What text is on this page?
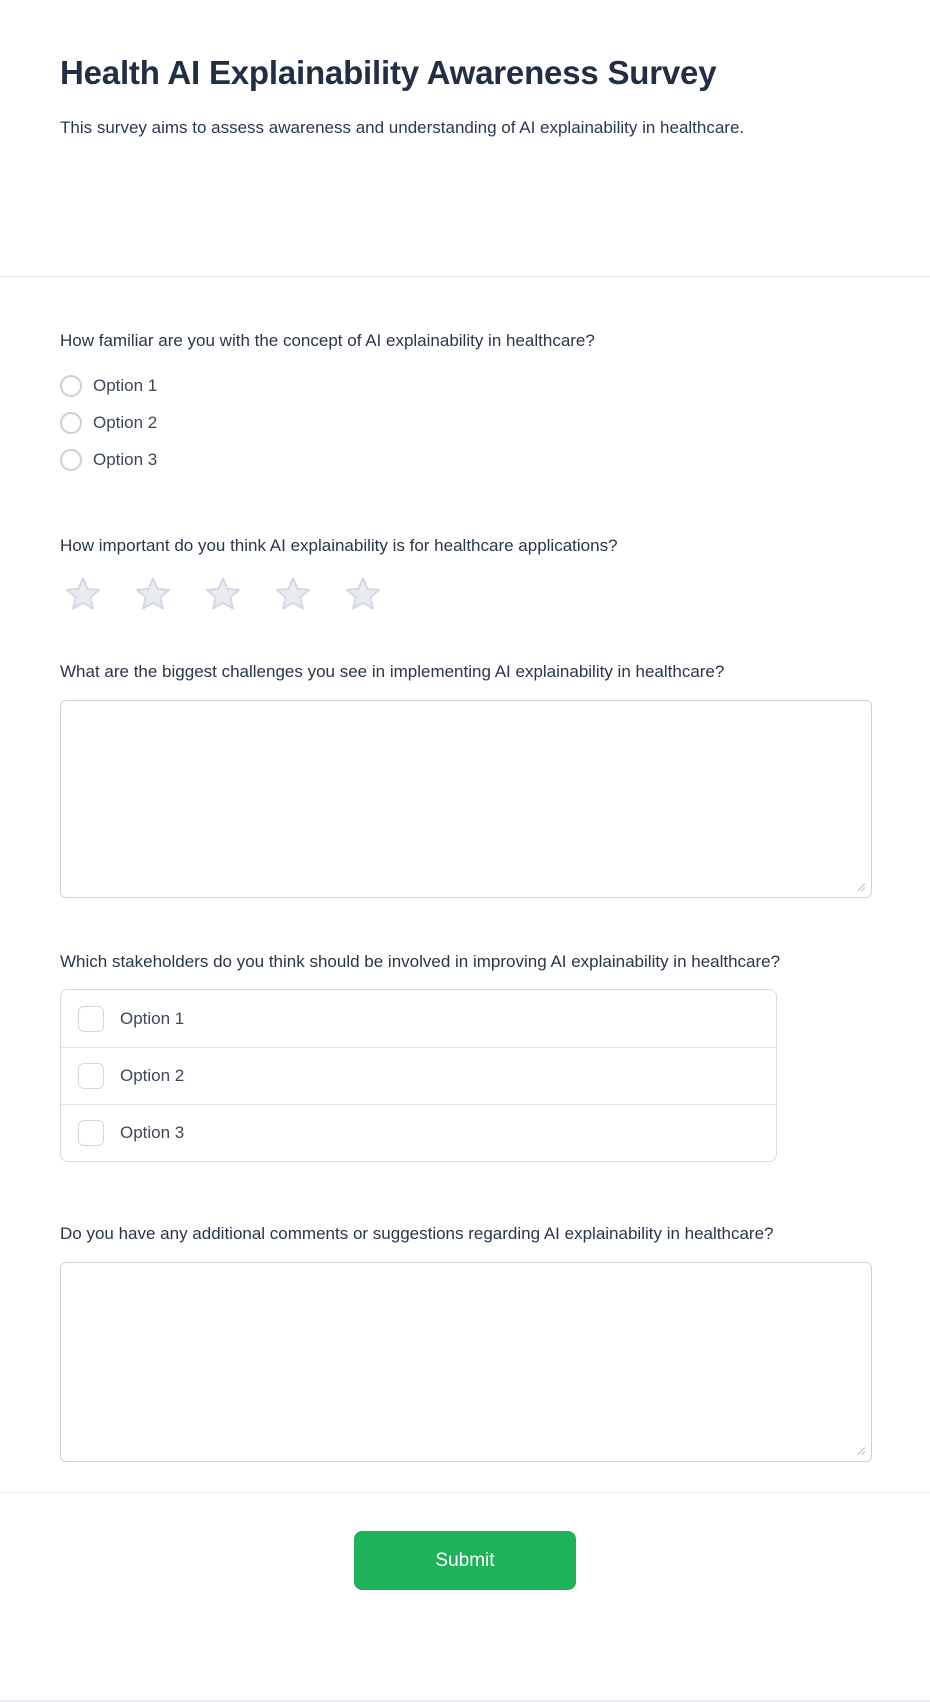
Health AI Explainability Awareness Survey

This survey aims to assess awareness and understanding of AI explainability in healthcare.

How familiar are you with the concept of AI explainability in healthcare?
Option 1
Option 2
Option 3
How important do you think AI explainability is for healthcare applications?
What are the biggest challenges you see in implementing AI explainability in healthcare?
Which stakeholders do you think should be involved in improving AI explainability in healthcare?
Option 1
Option 2
Option 3
Do you have any additional comments or suggestions regarding AI explainability in healthcare?
Submit
